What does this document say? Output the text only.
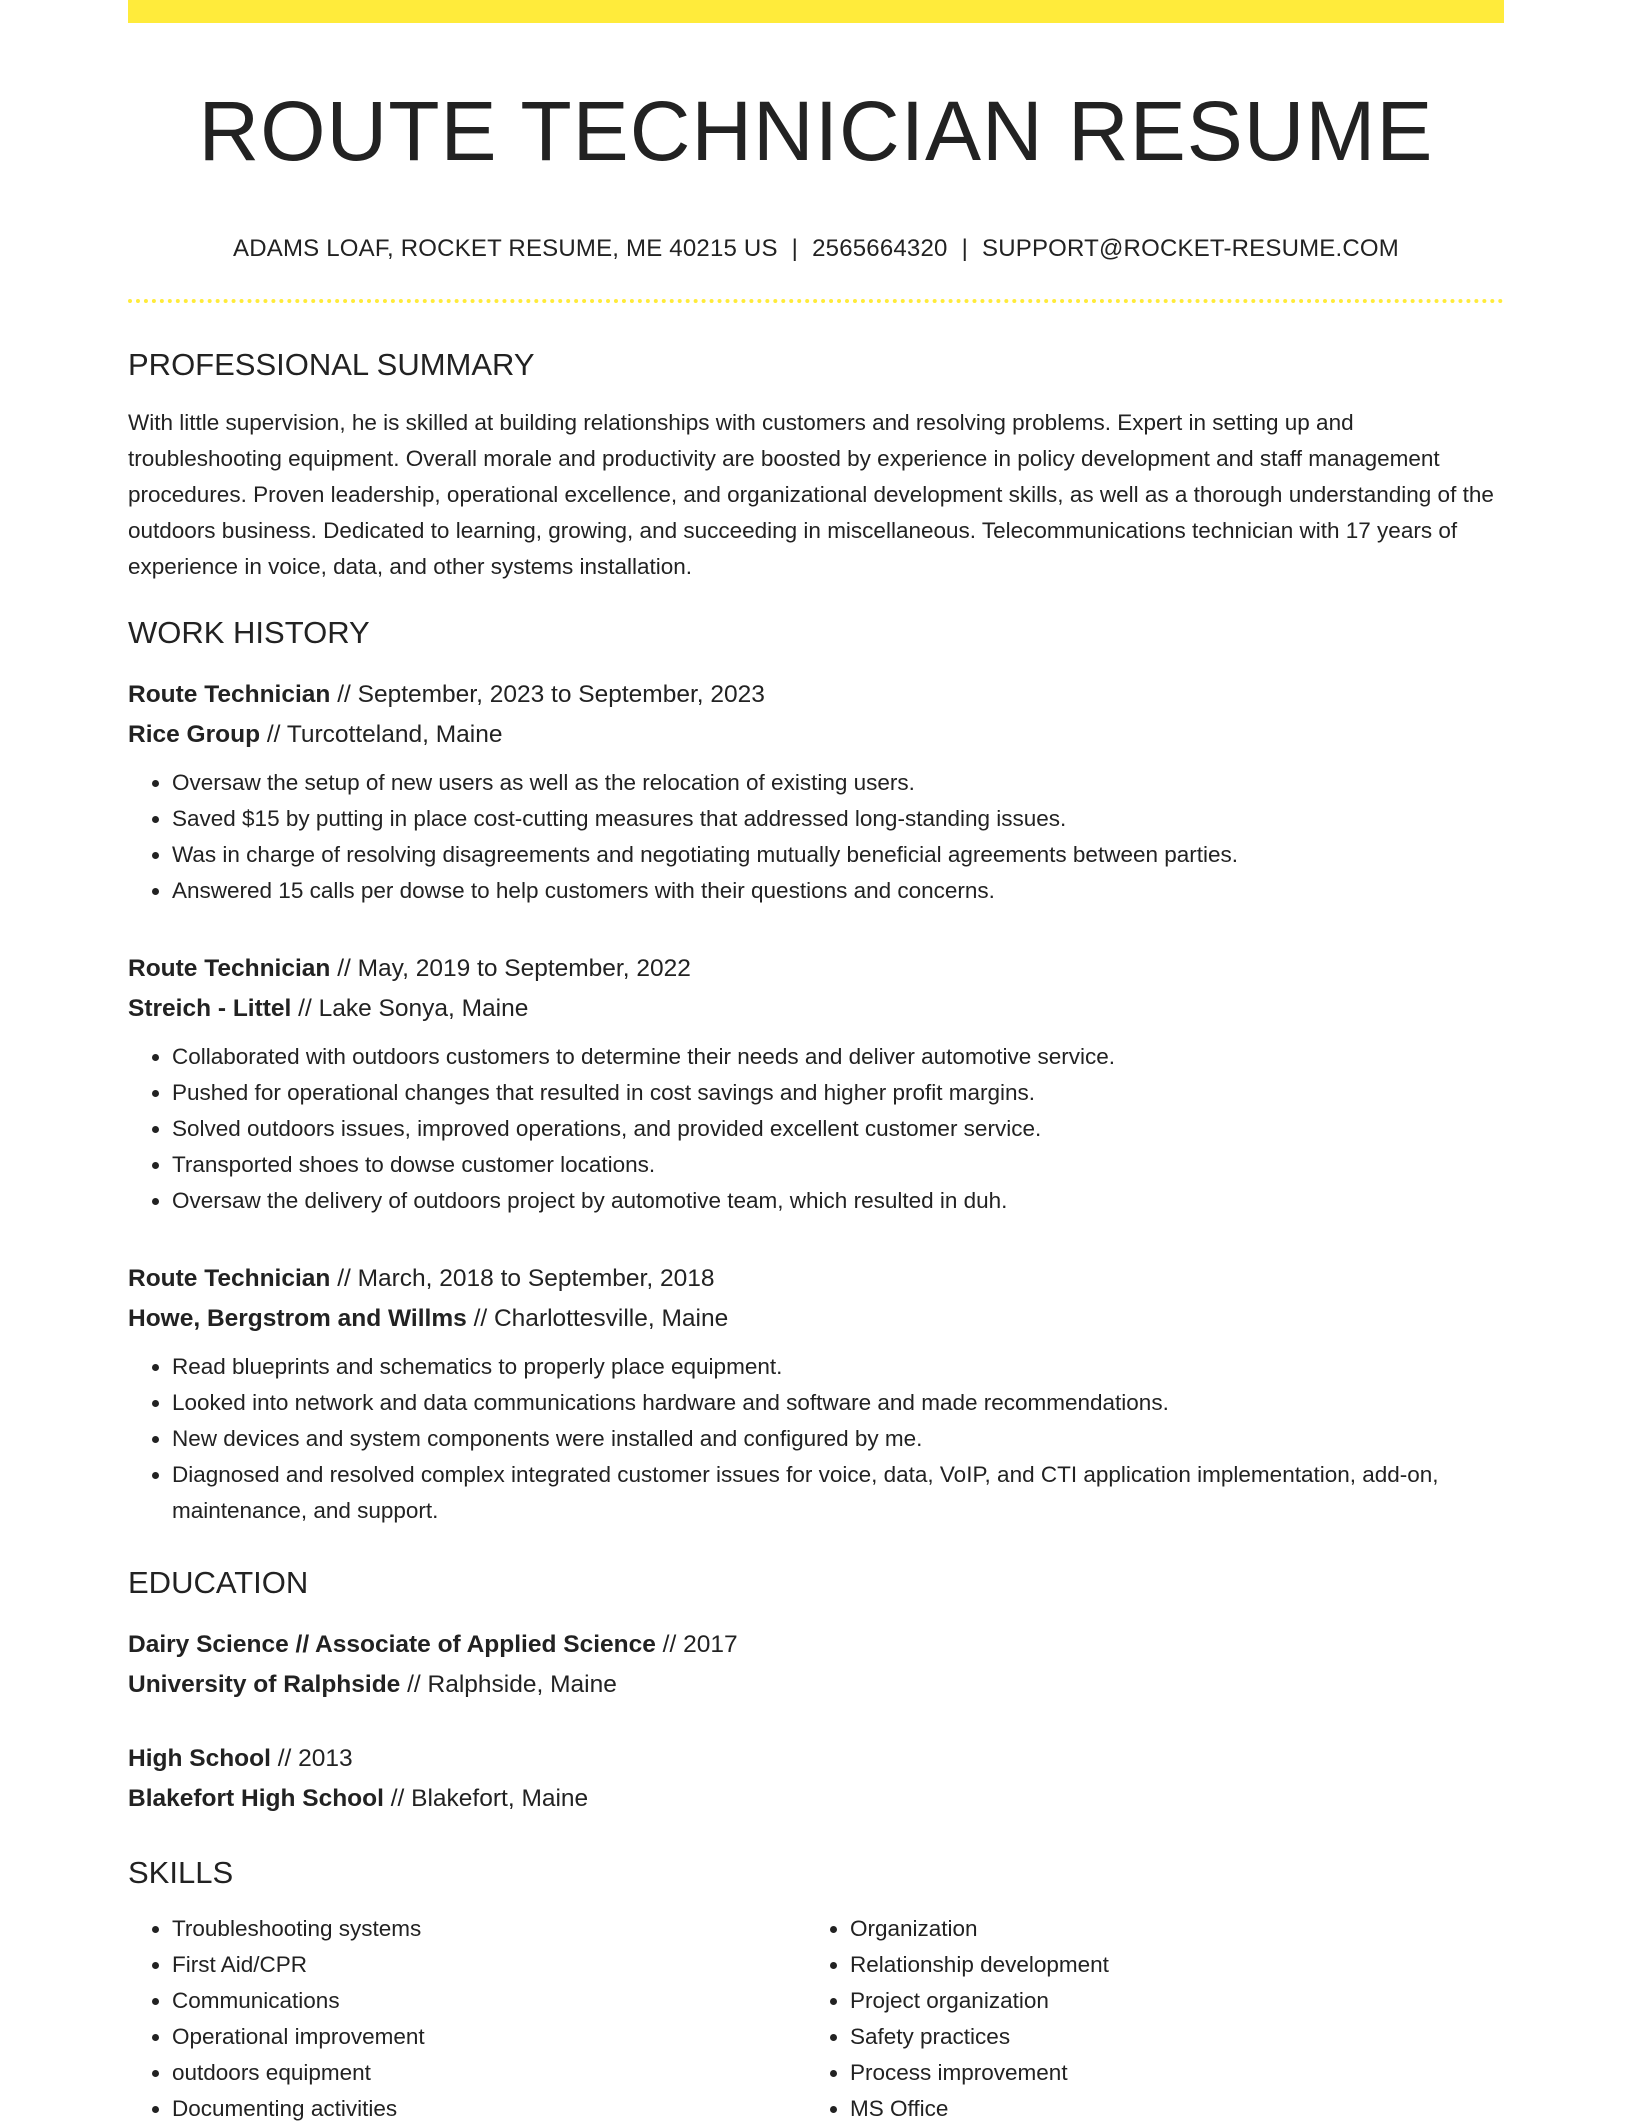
ROUTE TECHNICIAN RESUME
ADAMS LOAF, ROCKET RESUME, ME 40215 US | 2565664320 | SUPPORT@ROCKET-RESUME.COM
PROFESSIONAL SUMMARY
With little supervision, he is skilled at building relationships with customers and resolving problems. Expert in setting up and troubleshooting equipment. Overall morale and productivity are boosted by experience in policy development and staff management procedures. Proven leadership, operational excellence, and organizational development skills, as well as a thorough understanding of the outdoors business. Dedicated to learning, growing, and succeeding in miscellaneous. Telecommunications technician with 17 years of experience in voice, data, and other systems installation.
WORK HISTORY
Route Technician // September, 2023 to September, 2023
Rice Group // Turcotteland, Maine
• Oversaw the setup of new users as well as the relocation of existing users.
• Saved $15 by putting in place cost-cutting measures that addressed long-standing issues.
• Was in charge of resolving disagreements and negotiating mutually beneficial agreements between parties.
• Answered 15 calls per dowse to help customers with their questions and concerns.
Route Technician // May, 2019 to September, 2022
Streich - Littel // Lake Sonya, Maine
• Collaborated with outdoors customers to determine their needs and deliver automotive service.
• Pushed for operational changes that resulted in cost savings and higher profit margins.
• Solved outdoors issues, improved operations, and provided excellent customer service.
• Transported shoes to dowse customer locations.
• Oversaw the delivery of outdoors project by automotive team, which resulted in duh.
Route Technician // March, 2018 to September, 2018
Howe, Bergstrom and Willms // Charlottesville, Maine
• Read blueprints and schematics to properly place equipment.
• Looked into network and data communications hardware and software and made recommendations.
• New devices and system components were installed and configured by me.
• Diagnosed and resolved complex integrated customer issues for voice, data, VoIP, and CTI application implementation, add-on, maintenance, and support.
EDUCATION
Dairy Science // Associate of Applied Science // 2017
University of Ralphside // Ralphside, Maine
High School // 2013
Blakefort High School // Blakefort, Maine
SKILLS
• Troubleshooting systems
• First Aid/CPR
• Communications
• Operational improvement
• outdoors equipment
• Documenting activities
• Organization
• Relationship development
• Project organization
• Safety practices
• Process improvement
• MS Office
